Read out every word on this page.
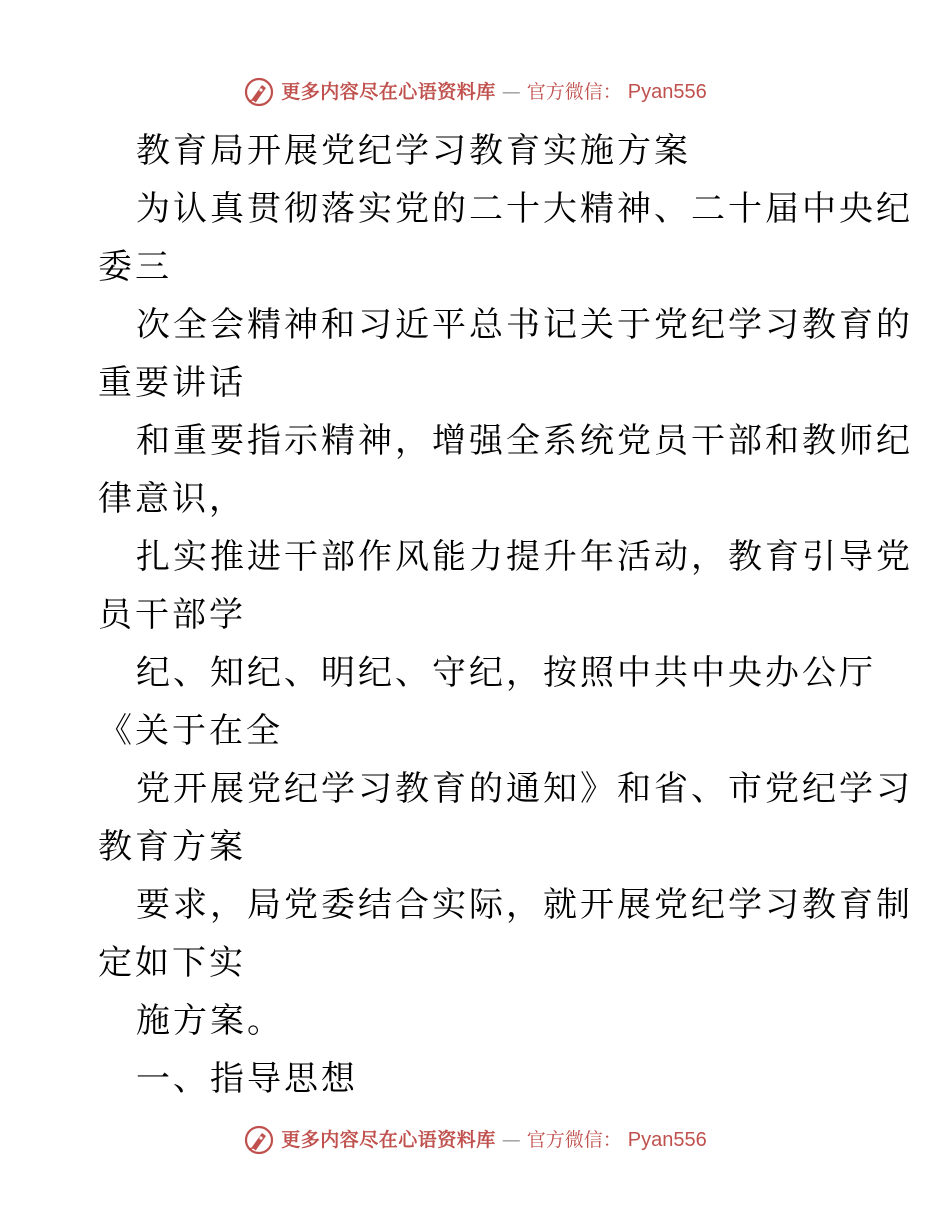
更多内容尽在心语资料库 — 官方微信： Pyan556
教育局开展党纪学习教育实施方案
为认真贯彻落实党的二十大精神、二十届中央纪
委三
次全会精神和习近平总书记关于党纪学习教育的
重要讲话
和重要指示精神，增强全系统党员干部和教师纪
律意识，
扎实推进干部作风能力提升年活动，教育引导党
员干部学
纪、知纪、明纪、守纪，按照中共中央办公厅
《关于在全
党开展党纪学习教育的通知》和省、市党纪学习
教育方案
要求，局党委结合实际，就开展党纪学习教育制
定如下实
施方案。
一、指导思想
更多内容尽在心语资料库 — 官方微信： Pyan556
